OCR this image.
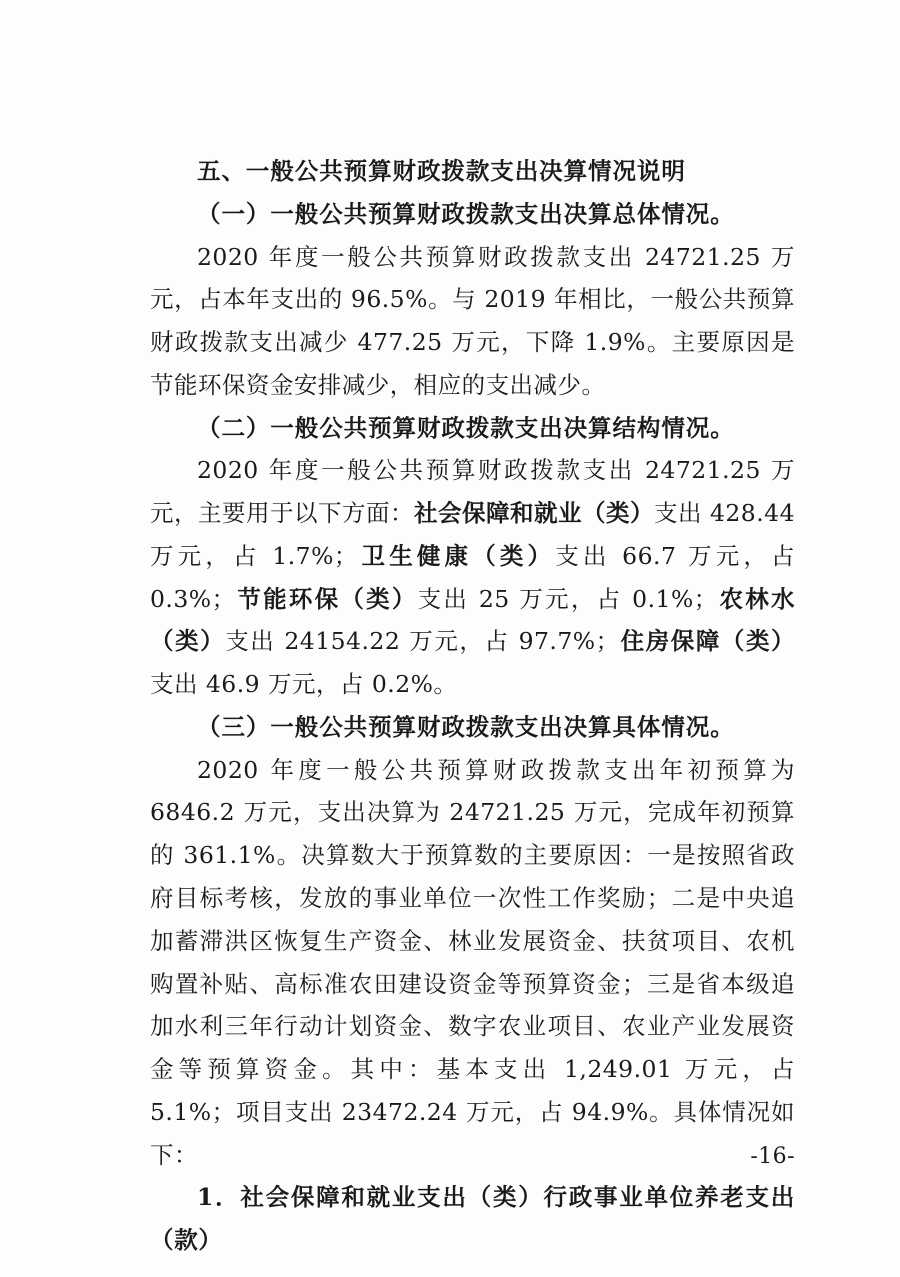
五、一般公共预算财政拨款支出决算情况说明

（一）一般公共预算财政拨款支出决算总体情况。

2020 年度一般公共预算财政拨款支出 24721.25 万元，占本年支出的 96.5%。与 2019 年相比，一般公共预算财政拨款支出减少 477.25 万元，下降 1.9%。主要原因是节能环保资金安排减少，相应的支出减少。

（二）一般公共预算财政拨款支出决算结构情况。

2020 年度一般公共预算财政拨款支出 24721.25 万元，主要用于以下方面：社会保障和就业（类）支出 428.44 万元，占 1.7%；卫生健康（类）支出 66.7 万元，占 0.3%；节能环保（类）支出 25 万元，占 0.1%；农林水（类）支出 24154.22 万元，占 97.7%；住房保障（类）支出 46.9 万元，占 0.2%。

（三）一般公共预算财政拨款支出决算具体情况。

2020 年度一般公共预算财政拨款支出年初预算为 6846.2 万元，支出决算为 24721.25 万元，完成年初预算的 361.1%。决算数大于预算数的主要原因：一是按照省政府目标考核，发放的事业单位一次性工作奖励；二是中央追加蓄滞洪区恢复生产资金、林业发展资金、扶贫项目、农机购置补贴、高标准农田建设资金等预算资金；三是省本级追加水利三年行动计划资金、数字农业项目、农业产业发展资金等预算资金。其中：基本支出 1,249.01 万元，占 5.1%；项目支出 23472.24 万元，占 94.9%。具体情况如下：

1．社会保障和就业支出（类）行政事业单位养老支出（款）

-16-
